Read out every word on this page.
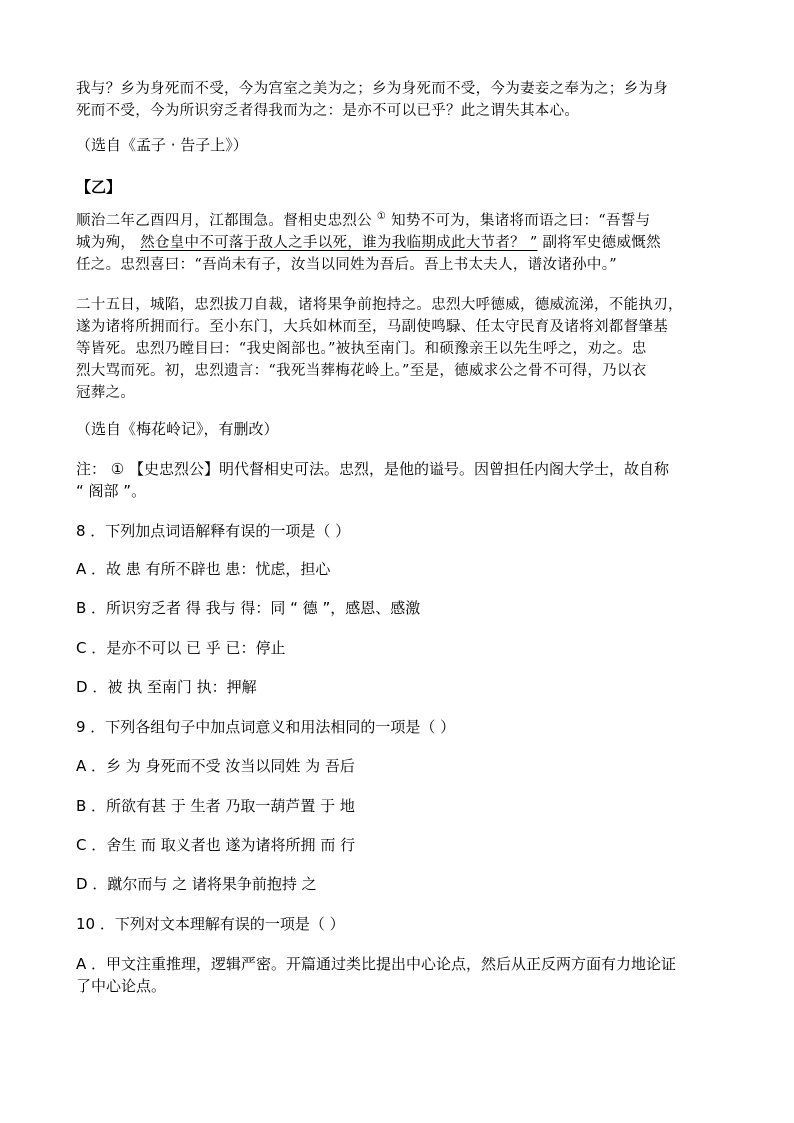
我与？乡为身死而不受，今为宫室之美为之；乡为身死而不受，今为妻妾之奉为之；乡为身
死而不受，今为所识穷乏者得我而为之：是亦不可以已乎？此之谓失其本心。

（选自《孟子 · 告子上》）

【乙】

顺治二年乙酉四月，江都围急。督相史忠烈公 ① 知势不可为，集诸将而语之曰：“吾誓与
城为殉， 然仓皇中不可落于敌人之手以死，谁为我临期成此大节者？ ” 副将军史德威慨然
任之。忠烈喜曰：“吾尚未有子，汝当以同姓为吾后。吾上书太夫人，谱汝诸孙中。”

二十五日，城陷，忠烈拔刀自裁，诸将果争前抱持之。忠烈大呼德威，德威流涕，不能执刃，
遂为诸将所拥而行。至小东门，大兵如林而至，马副使鸣騄、任太守民育及诸将刘都督肇基
等皆死。忠烈乃瞠目曰：“我史阁部也。”被执至南门。和硕豫亲王以先生呼之，劝之。忠
烈大骂而死。初，忠烈遗言：“我死当葬梅花岭上。”至是，德威求公之骨不可得，乃以衣
冠葬之。

（选自《梅花岭记》，有删改）

注： ① 【史忠烈公】明代督相史可法。忠烈，是他的谥号。因曾担任内阁大学士，故自称
“ 阁部 ”。

8 ．下列加点词语解释有误的一项是（ ）

A ．故 患 有所不辟也 患：忧虑，担心

B ．所识穷乏者 得 我与 得：同 “ 德 ”，感恩、感激

C ．是亦不可以 已 乎 已：停止

D ．被 执 至南门 执：押解

9 ．下列各组句子中加点词意义和用法相同的一项是（ ）

A ．乡 为 身死而不受 汝当以同姓 为 吾后

B ．所欲有甚 于 生者 乃取一葫芦置 于 地

C ．舍生 而 取义者也 遂为诸将所拥 而 行

D ．蹴尔而与 之 诸将果争前抱持 之

10 ．下列对文本理解有误的一项是（ ）

A ．甲文注重推理，逻辑严密。开篇通过类比提出中心论点，然后从正反两方面有力地论证
了中心论点。
